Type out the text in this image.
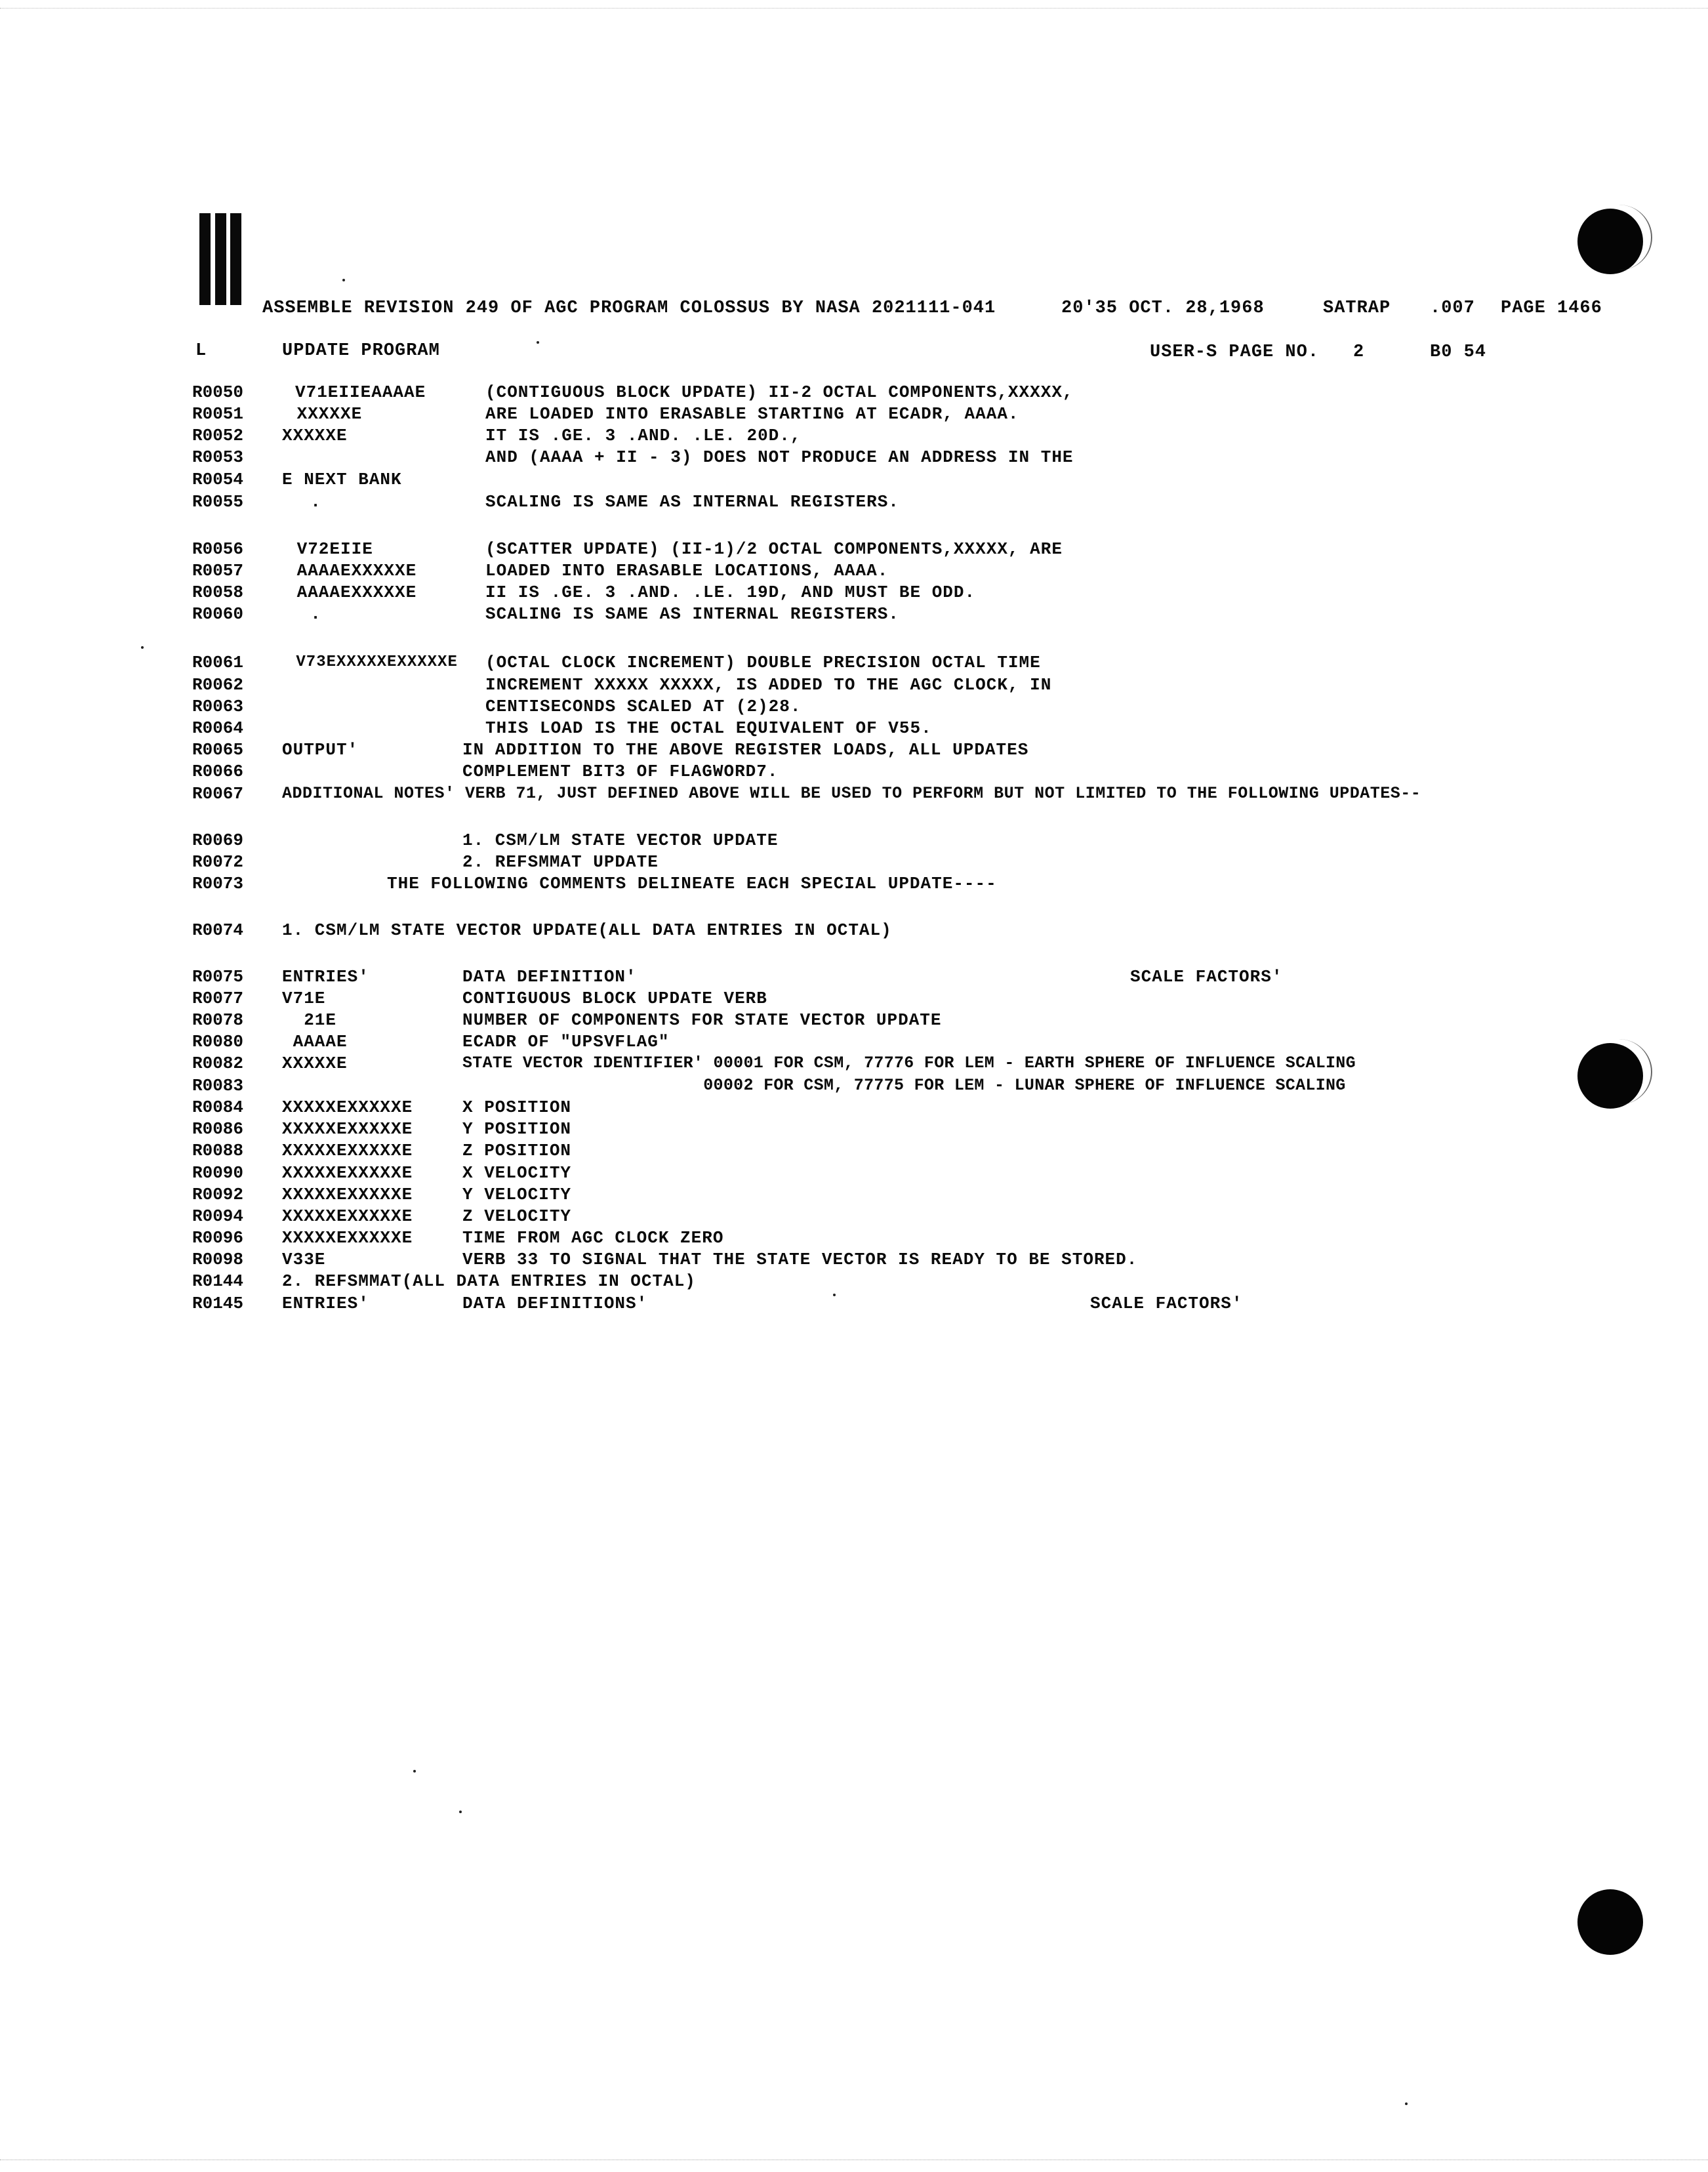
ASSEMBLE REVISION 249 OF AGC PROGRAM COLOSSUS BY NASA 2021111-041	20'35 OCT. 28,1968	SATRAP .007 PAGE 1466
L	UPDATE PROGRAM	USER-S PAGE NO. 2	B0 54
R0050	V71EIIEAAAAE	(CONTIGUOUS BLOCK UPDATE) II-2 OCTAL COMPONENTS,XXXXX,
R0051 XXXXXE	ARE LOADED INTO ERASABLE STARTING AT ECADR, AAAA.
R0052 XXXXXE	IT IS .GE. 3 .AND. .LE. 20D.,
R0053	AND (AAAA + II - 3) DOES NOT PRODUCE AN ADDRESS IN THE
R0054 E NEXT BANK
R0055	.	SCALING IS SAME AS INTERNAL REGISTERS.
R0056 V72EIIE	(SCATTER UPDATE) (II-1)/2 OCTAL COMPONENTS,XXXXX, ARE
R0057 AAAAEXXXXXE	LOADED INTO ERASABLE LOCATIONS, AAAA.
R0058 AAAAEXXXXXE	II IS .GE. 3 .AND. .LE. 19D, AND MUST BE ODD.
R0060	.	SCALING IS SAME AS INTERNAL REGISTERS.
R0061	V73EXXXXXEXXXXXE (OCTAL CLOCK INCREMENT) DOUBLE PRECISION OCTAL TIME
R0062	INCREMENT XXXXX XXXXX, IS ADDED TO THE AGC CLOCK, IN
R0063	CENTISECONDS SCALED AT (2)28.
R0064	THIS LOAD IS THE OCTAL EQUIVALENT OF V55.
R0065 OUTPUT'	IN ADDITION TO THE ABOVE REGISTER LOADS, ALL UPDATES
R0066	COMPLEMENT BIT3 OF FLAGWORD7.
R0067 ADDITIONAL NOTES' VERB 71, JUST DEFINED ABOVE WILL BE USED TO PERFORM BUT NOT LIMITED TO THE FOLLOWING UPDATES--
R0069	1. CSM/LM STATE VECTOR UPDATE
R0072	2. REFSMMAT UPDATE
R0073	THE FOLLOWING COMMENTS DELINEATE EACH SPECIAL UPDATE----
R0074 1. CSM/LM STATE VECTOR UPDATE(ALL DATA ENTRIES IN OCTAL)
R0075 ENTRIES'	DATA DEFINITION'	SCALE FACTORS'
R0077 V71E	CONTIGUOUS BLOCK UPDATE VERB
R0078 21E	NUMBER OF COMPONENTS FOR STATE VECTOR UPDATE
R0080 AAAAE	ECADR OF "UPSVFLAG"
R0082 XXXXXE	STATE VECTOR IDENTIFIER' 00001 FOR CSM, 77776 FOR LEM - EARTH SPHERE OF INFLUENCE SCALING
R0083	00002 FOR CSM, 77775 FOR LEM - LUNAR SPHERE OF INFLUENCE SCALING
R0084 XXXXXEXXXXXE	X POSITION
R0086 XXXXXEXXXXXE	Y POSITION
R0088 XXXXXEXXXXXE	Z POSITION
R0090 XXXXXEXXXXXE	X VELOCITY
R0092 XXXXXEXXXXXE	Y VELOCITY
R0094 XXXXXEXXXXXE	Z VELOCITY
R0096 XXXXXEXXXXXE	TIME FROM AGC CLOCK ZERO
R0098 V33E	VERB 33 TO SIGNAL THAT THE STATE VECTOR IS READY TO BE STORED.
R0144 2. REFSMMAT(ALL DATA ENTRIES IN OCTAL)
R0145 ENTRIES'	DATA DEFINITIONS'	SCALE FACTORS'
